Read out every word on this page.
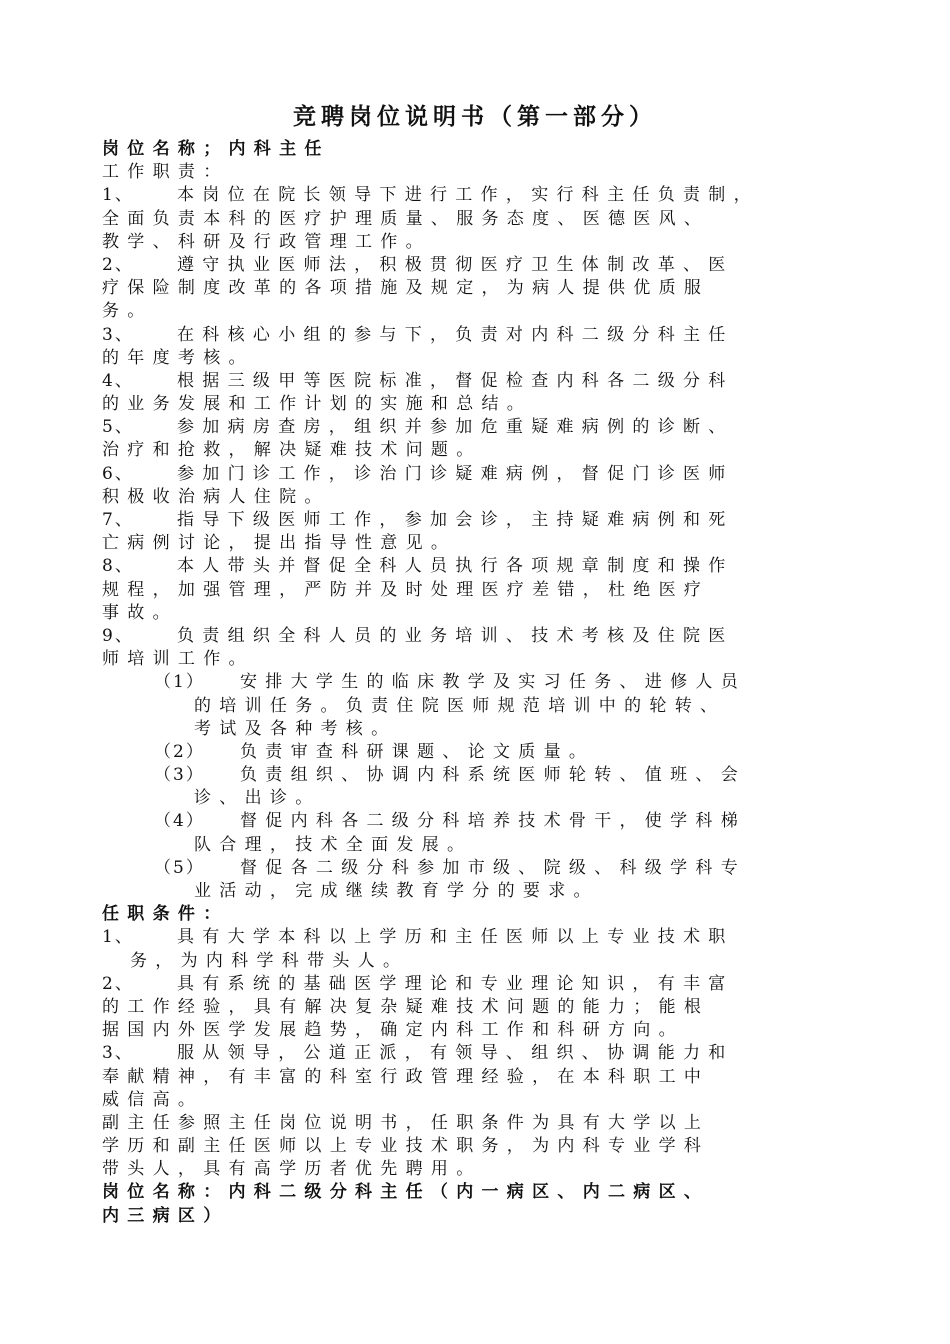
竞聘岗位说明书（第一部分）
岗位名称；内科主任
工作职责：
1、	本岗位在院长领导下进行工作，实行科主任负责制，
全面负责本科的医疗护理质量、服务态度、医德医风、
教学、科研及行政管理工作。
2、	遵守执业医师法，积极贯彻医疗卫生体制改革、医
疗保险制度改革的各项措施及规定，为病人提供优质服
务。
3、	在科核心小组的参与下，负责对内科二级分科主任
的年度考核。
4、	根据三级甲等医院标准，督促检查内科各二级分科
的业务发展和工作计划的实施和总结。
5、	参加病房查房，组织并参加危重疑难病例的诊断、
治疗和抢救，解决疑难技术问题。
6、	参加门诊工作，诊治门诊疑难病例，督促门诊医师
积极收治病人住院。
7、	指导下级医师工作，参加会诊，主持疑难病例和死
亡病例讨论，提出指导性意见。
8、	本人带头并督促全科人员执行各项规章制度和操作
规程，加强管理，严防并及时处理医疗差错，杜绝医疗
事故。
9、	负责组织全科人员的业务培训、技术考核及住院医
师培训工作。
（1） 安排大学生的临床教学及实习任务、进修人员
的培训任务。负责住院医师规范培训中的轮转、
考试及各种考核。
（2） 负责审查科研课题、论文质量。
（3） 负责组织、协调内科系统医师轮转、值班、会
诊、出诊。
（4） 督促内科各二级分科培养技术骨干，使学科梯
队合理，技术全面发展。
（5） 督促各二级分科参加市级、院级、科级学科专
业活动，完成继续教育学分的要求。
任职条件：
1、	具有大学本科以上学历和主任医师以上专业技术职
务，为内科学科带头人。
2、	具有系统的基础医学理论和专业理论知识，有丰富
的工作经验，具有解决复杂疑难技术问题的能力；能根
据国内外医学发展趋势，确定内科工作和科研方向。
3、	服从领导，公道正派，有领导、组织、协调能力和
奉献精神，有丰富的科室行政管理经验，在本科职工中
威信高。
副主任参照主任岗位说明书，任职条件为具有大学以上
学历和副主任医师以上专业技术职务，为内科专业学科
带头人，具有高学历者优先聘用。
岗位名称：内科二级分科主任（内一病区、内二病区、
内三病区）
